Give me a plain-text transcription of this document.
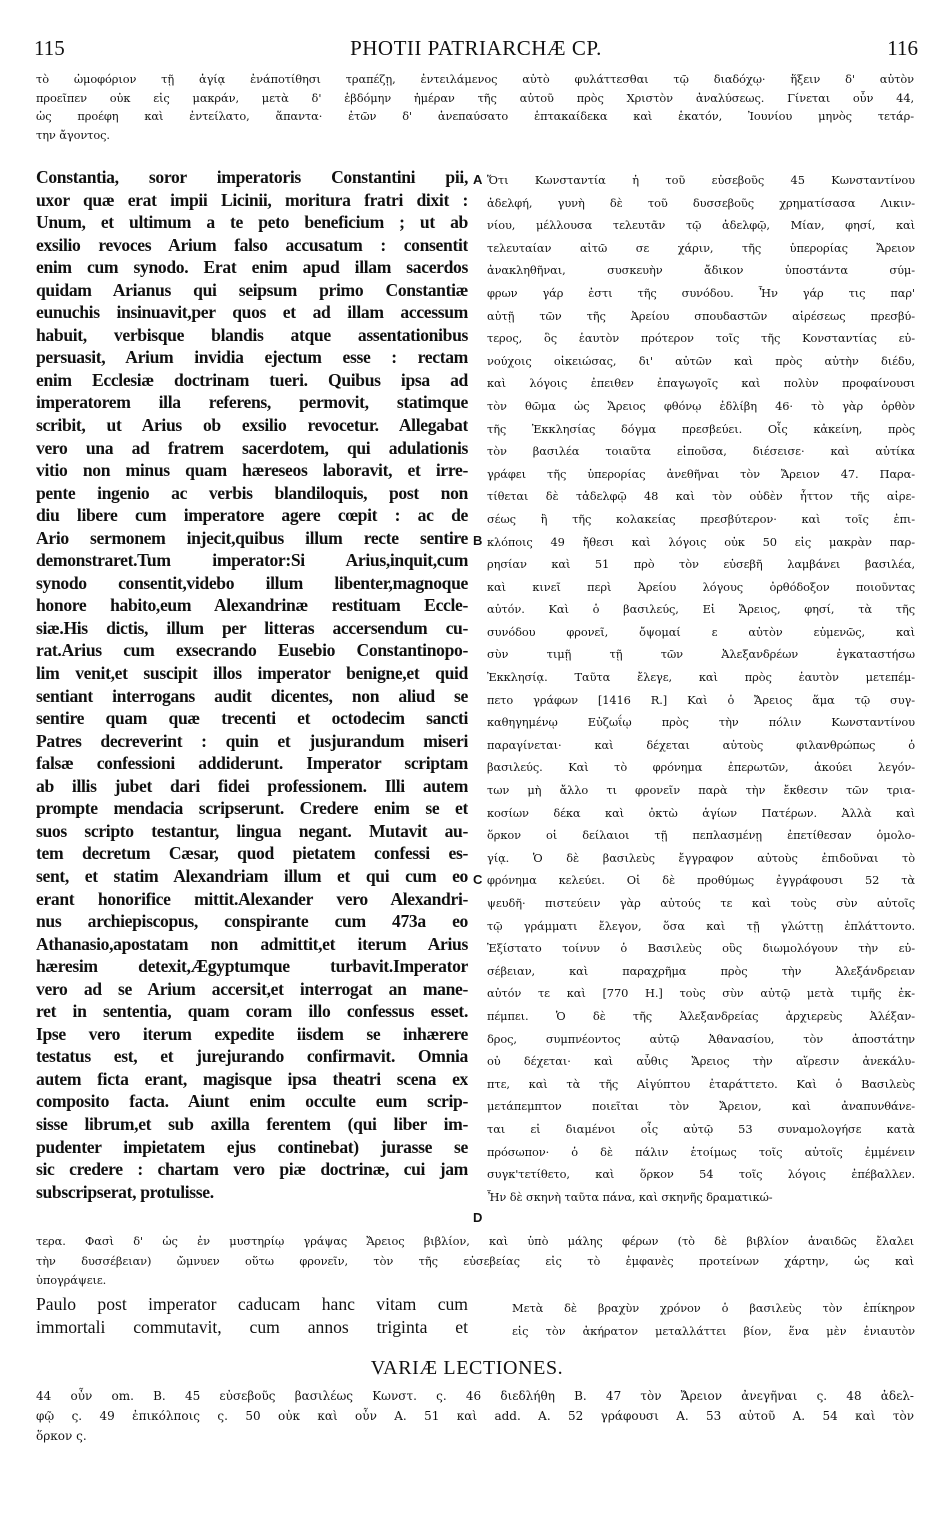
115	PHOTII PATRIARCHÆ CP.	116
τὸ ὠμοφόριον τῇ ἁγίᾳ ἐνάποτίθησι τραπέζῃ, ἐντειλάμενος αὐτὸ φυλάττεσθαι τῷ διαδόχῳ· ἥξειν δ' αὐτὸν
προεῖπεν οὐκ εἰς μακράν, μετὰ δ' ἑβδόμην ἡμέραν τῆς αὐτοῦ πρὸς Χριστὸν ἀναλύσεως. Γίνεται οὖν 44,
ὡς προέφη καὶ ἐντείλατο, ἅπαντα· ἐτῶν δ' ἀνεπαύσατο ἑπτακαίδεκα καὶ ἑκατόν, Ἰουνίου μηνὸς τετάρ-
την ἄγοντος.
Constantia, soror imperatoris Constantini pii,
uxor quæ erat impii Licinii, moritura fratri dixit :
Unum, et ultimum a te peto beneficium ; ut ab
exsilio revoces Arium falso accusatum : consentit
enim cum synodo. Erat enim apud illam sacerdos
quidam Arianus qui seipsum primo Constantiæ
eunuchis insinuavit,per quos et ad illam accessum
habuit, verbisque blandis atque assentationibus
persuasit, Arium invidia ejectum esse : rectam
enim Ecclesiæ doctrinam tueri. Quibus ipsa ad
imperatorem illa referens, permovit, statimque
scribit, ut Arius ob exsilio revocetur. Allegabat
vero una ad fratrem sacerdotem, qui adulationis
vitio non minus quam hæreseos laboravit, et irre-
pente ingenio ac verbis blandiloquis, post non
diu libere cum imperatore agere cœpit : ac de
Ario sermonem injecit,quibus illum recte sentire
demonstraret.Tum imperator:Si Arius,inquit,cum
synodo consentit,videbo illum libenter,magnoque
honore habito,eum Alexandrinæ restituam Eccle-
siæ.His dictis, illum per litteras accersendum cu-
rat.Arius cum exsecrando Eusebio Constantinopo-
lim venit,et suscipit illos imperator benigne,et quid
sentiant interrogans audit dicentes, non aliud se
sentire quam quæ trecenti et octodecim sancti
Patres decreverint : quin et jusjurandum miseri
falsæ confessioni addiderunt. Imperator scriptam
ab illis jubet dari fidei professionem. Illi autem
prompte mendacia scripserunt. Credere enim se et
suos scripto testantur, lingua negant. Mutavit au-
tem decretum Cæsar, quod pietatem confessi es-
sent, et statim Alexandriam illum et qui cum eo
erant honorifice mittit.Alexander vero Alexandri-
nus archiepiscopus, conspirante cum 473a eo
Athanasio,apostatam non admittit,et iterum Arius
hæresim detexit,Ægyptumque turbavit.Imperator
vero ad se Arium accersit,et interrogat an mane-
ret in sententia, quam coram illo confessus esset.
Ipse vero iterum expedite iisdem se inhærere
testatus est, et jurejurando confirmavit. Omnia
autem ficta erant, magisque ipsa theatri scena ex
composito facta. Aiunt enim occulte eum scrip-
sisse librum,et sub axilla ferentem (qui liber im-
pudenter impietatem ejus continebat) jurasse se
sic credere : chartam vero piæ doctrinæ, cui jam
subscripserat, protulisse.
Ὅτι Κωνσταντία ἡ τοῦ εὐσεβοῦς 45 Κωνσταντίνου
ἀδελφή, γυνὴ δὲ τοῦ δυσσεβοῦς χρηματίσασα Λικιν-
νίου, μέλλουσα τελευτᾶν τῷ ἀδελφῷ, Μίαν, φησί, καὶ
τελευταίαν αἰτῶ σε χάριν, τῆς ὑπερορίας Ἄρειον
ἀνακληθῆναι, συσκευὴν ἄδικον ὑποστάντα σύμ-
φρων γάρ ἐστι τῆς συνόδου. Ἦν γάρ τις παρ'
αὐτῇ τῶν τῆς Ἀρείου σπουδαστῶν αἱρέσεως πρεσβύ-
τερος, ὃς ἑαυτὸν πρότερον τοῖς τῆς Κονσταντίας εὐ-
νούχοις οἰκειώσας, δι' αὐτῶν καὶ πρὸς αὐτὴν διέδυ,
καὶ λόγοις ἐπειθεν ἐπαγωγοῖς καὶ πολὺν προφαίνουσι
τὸν θῶμα ὡς Ἄρειος φθόνῳ ἐδλίβη 46· τὸ γὰρ ὀρθὸν
τῆς Ἐκκλησίας δόγμα πρεσβεύει. Οἷς κἀκείνη, πρὸς
τὸν βασιλέα τοιαῦτα εἰποῦσα, διέσεισε· καὶ αὐτίκα
γράφει τῆς ὑπερορίας ἀνεθῆναι τὸν Ἄρειον 47. Παρα-
τίθεται δὲ τἀδελφῷ 48 καὶ τὸν οὐδὲν ἧττον τῆς αἱρε-
σέως ἢ τῆς κολακείας πρεσβύτερον· καὶ τοῖς ἐπι-
κλόποις 49 ἤθεσι καὶ λόγοις οὐκ 50 εἰς μακρὰν παρ-
ρησίαν καὶ 51 πρὸ τὸν εὐσεβῆ λαμβάνει βασιλέα,
καὶ κινεῖ περὶ Ἀρείου λόγους ὀρθόδοξον ποιοῦντας
αὐτόν. Καὶ ὁ βασιλεύς, Εἰ Ἄρειος, φησί, τὰ τῆς
συνόδου φρονεῖ, ὄψομαί ε αὐτὸν εὐμενῶς, καὶ
σὺν τιμῇ τῇ τῶν Ἀλεξανδρέων ἐγκαταστήσω
Ἐκκλησίᾳ. Ταῦτα ἔλεγε, καὶ πρὸς ἑαυτὸν μετεπέμ-
πετο γράφων [1416 R.] Καὶ ὁ Ἄρειος ἅμα τῷ συγ-
καθηγημένῳ Εὐζωΐῳ πρὸς τὴν πόλιν Κωνσταντίνου
παραγίνεται· καὶ δέχεται αὐτοὺς φιλανθρώπως ὁ
βασιλεύς. Καὶ τὸ φρόνημα ἐπερωτῶν, ἀκούει λεγόν-
των μὴ ἄλλο τι φρονεῖν παρὰ τὴν ἔκθεσιν τῶν τρια-
κοσίων δέκα καὶ ὀκτὼ ἁγίων Πατέρων. Ἀλλὰ καὶ
ὅρκον οἱ δείλαιοι τῇ πεπλασμένῃ ἐπετίθεσαν ὁμολο-
γίᾳ. Ὁ δὲ βασιλεὺς ἔγγραφον αὐτοὺς ἐπιδοῦναι τὸ
φρόνημα κελεύει. Οἱ δὲ προθύμως ἐγγράφουσι 52 τὰ
ψευδῆ· πιστεύειν γὰρ αὐτούς τε καὶ τοὺς σὺν αὐτοῖς
τῷ γράμματι ἔλεγον, ὅσα καὶ τῇ γλώττῃ ἐπλάττοντο.
Ἐξίστατο τοίνυν ὁ Βασιλεὺς οὓς διωμολόγουν τὴν εὐ-
σέβειαν, καὶ παραχρῆμα πρὸς τὴν Ἀλεξάνδρειαν
αὐτόν τε καὶ [770 H.] τοὺς σὺν αὐτῷ μετὰ τιμῆς ἐκ-
πέμπει. Ὁ δὲ τῆς Ἀλεξανδρείας ἀρχιερεὺς Ἀλέξαν-
δρος, συμπνέοντος αὐτῷ Ἀθανασίου, τὸν ἀποστάτην
οὐ δέχεται· καὶ αὖθις Ἄρειος τὴν αἵρεσιν ἀνεκάλυ-
πτε, καὶ τὰ τῆς Αἰγύπτου ἐταράττετο. Καὶ ὁ Βασιλεὺς
μετάπεμπτον ποιεῖται τὸν Ἄρειον, καὶ ἀναπυνθάνε-
ται εἰ διαμένοι οἷς αὐτῷ 53 συναμολογήσε κατὰ
πρόσωπον· ὁ δὲ πάλιν ἑτοίμως τοῖς αὐτοῖς ἐμμένειν
συγκ'τετίθετο, καὶ ὅρκον 54 τοῖς λόγοις ἐπέβαλλεν.
Ἦν δὲ σκηνὴ ταῦτα πάνα, καὶ σκηνῆς δραματικώ-
A
B
C
D
τερα. Φασὶ δ' ὡς ἐν μυστηρίῳ γράψας Ἄρειος βιβλίον, καὶ ὑπὸ μάλης φέρων (τὸ δὲ βιβλίον ἀναιδῶς ἔλαλει
τὴν δυσσέβειαν) ὤμνυεν οὕτω φρονεῖν, τὸν τῆς εὐσεβείας εἰς τὸ ἐμφανὲς προτείνων χάρτην, ὡς καὶ
ὑπογράψειε.
Paulo post imperator caducam hanc vitam cum
immortali commutavit, cum annos triginta et
Μετὰ δὲ βραχὺν χρόνον ὁ βασιλεὺς τὸν ἐπίκηρον
εἰς τὸν ἀκήρατον μεταλλάττει βίον, ἕνα μὲν ἐνιαυτὸν
VARIÆ LECTIONES.
44 οὖν om. B. 45 εὐσεβοῦς βασιλέως Κωνστ. ς. 46 διεδλήθη B. 47 τὸν Ἄρειον ἀνεγῆναι ς. 48 ἀδελ-
φῷ ς. 49 ἐπικόλποις ς. 50 οὐκ καὶ οὖν A. 51 καὶ add. A. 52 γράφουσι A. 53 αὐτοῦ A. 54 καὶ τὸν
ὅρκον ς.
